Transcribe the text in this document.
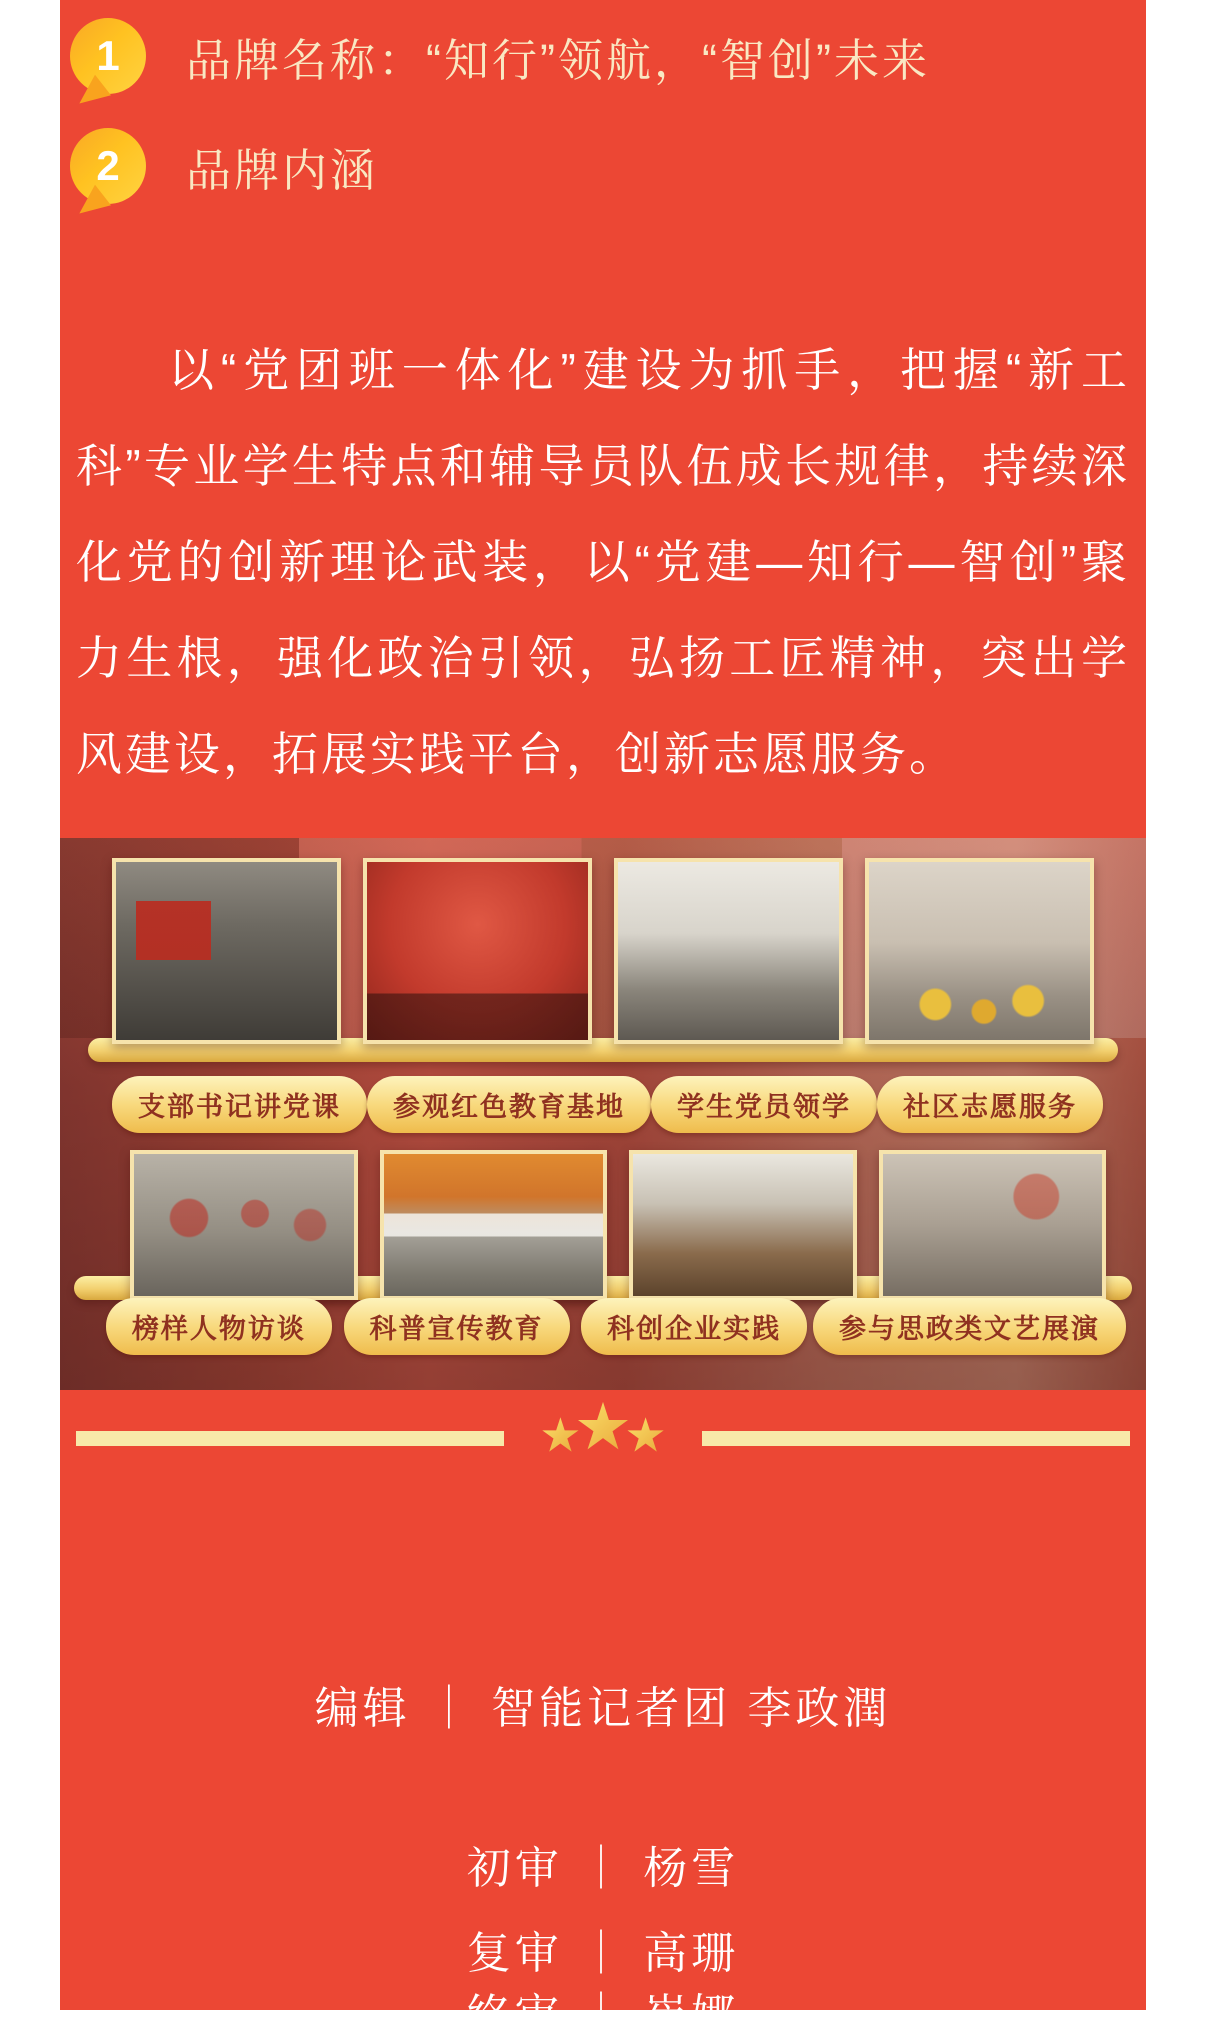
1 品牌名称：“知行”领航，“智创”未来
2 品牌内涵

以“党团班一体化”建设为抓手，把握“新工科”专业学生特点和辅导员队伍成长规律，持续深化党的创新理论武装，以“党建—知行—智创”聚力生根，强化政治引领，弘扬工匠精神，突出学风建设，拓展实践平台，创新志愿服务。

支部书记讲党课	参观红色教育基地	学生党员领学	社区志愿服务
榜样人物访谈	科普宣传教育	科创企业实践	参与思政类文艺展演

编辑 ｜ 智能记者团 李政潤

初审 ｜ 杨雪

复审 ｜ 高珊

终审 ｜ 崔娜
